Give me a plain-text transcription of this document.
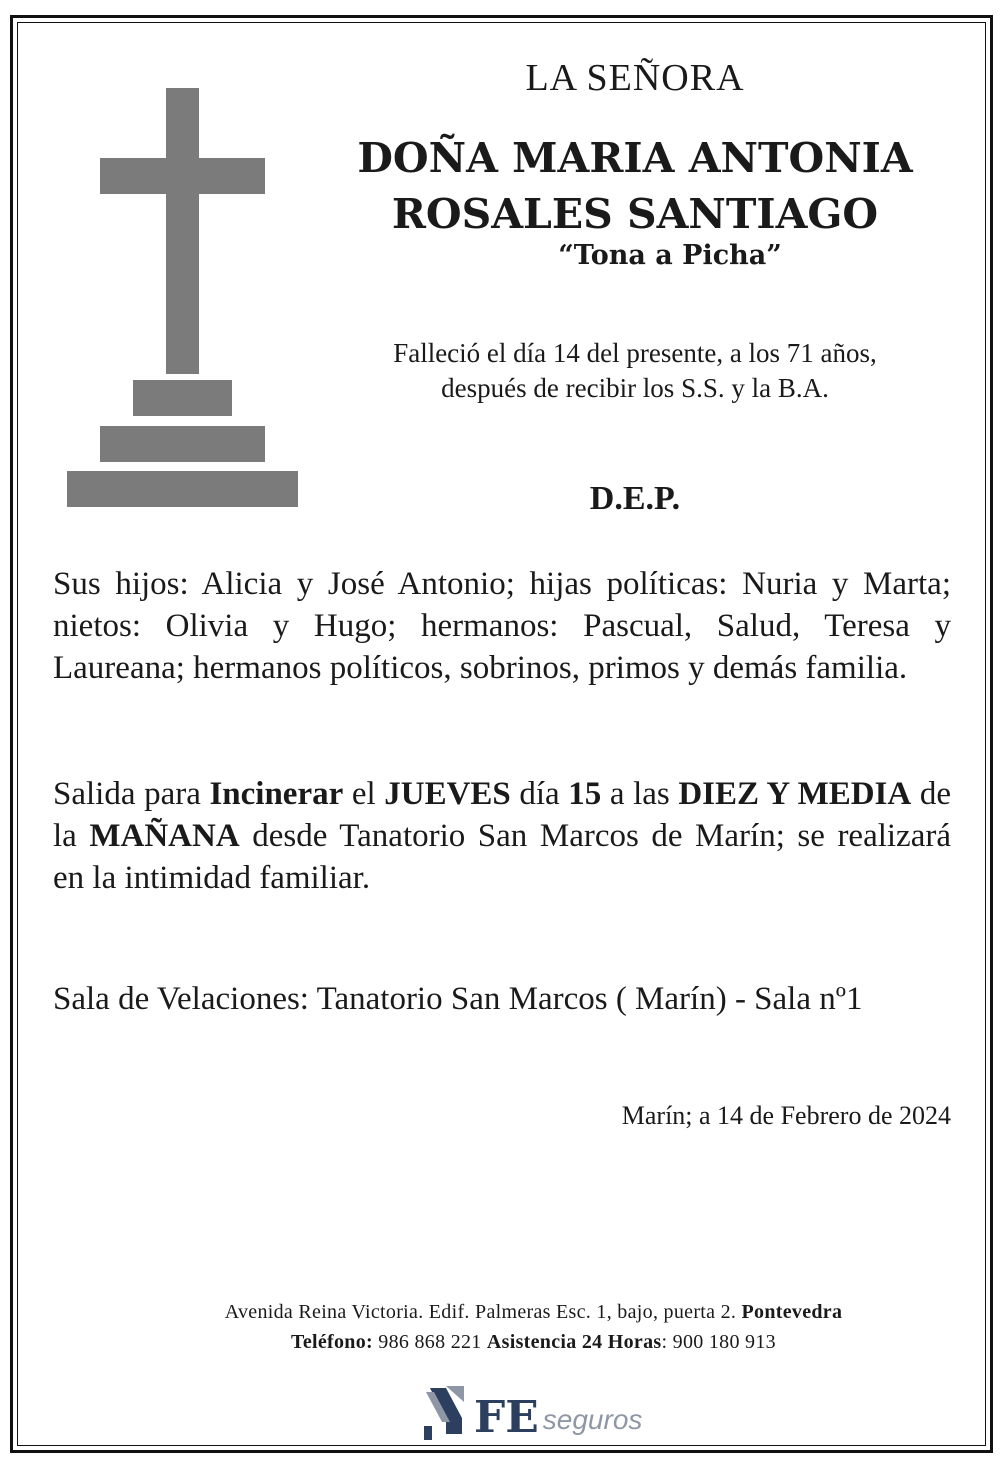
LA SEÑORA
DOÑA MARIA ANTONIA
ROSALES SANTIAGO
“Tona a Picha”
Falleció el día 14 del presente, a los 71 años,
después de recibir los S.S. y la B.A.
D.E.P.
Sus hijos: Alicia y José Antonio; hijas políticas: Nuria y Marta; nietos: Olivia y Hugo; hermanos: Pascual, Salud, Teresa y Laureana; hermanos políticos, sobrinos, primos y demás familia.
Salida para Incinerar el JUEVES día 15 a las DIEZ Y MEDIA de la MAÑANA desde Tanatorio San Marcos de Marín; se realizará en la intimidad familiar.
Sala de Velaciones: Tanatorio San Marcos ( Marín) - Sala nº1
Marín; a 14 de Febrero de 2024
Avenida Reina Victoria. Edif. Palmeras Esc. 1, bajo, puerta 2. Pontevedra
Teléfono: 986 868 221 Asistencia 24 Horas: 900 180 913
FE seguros
